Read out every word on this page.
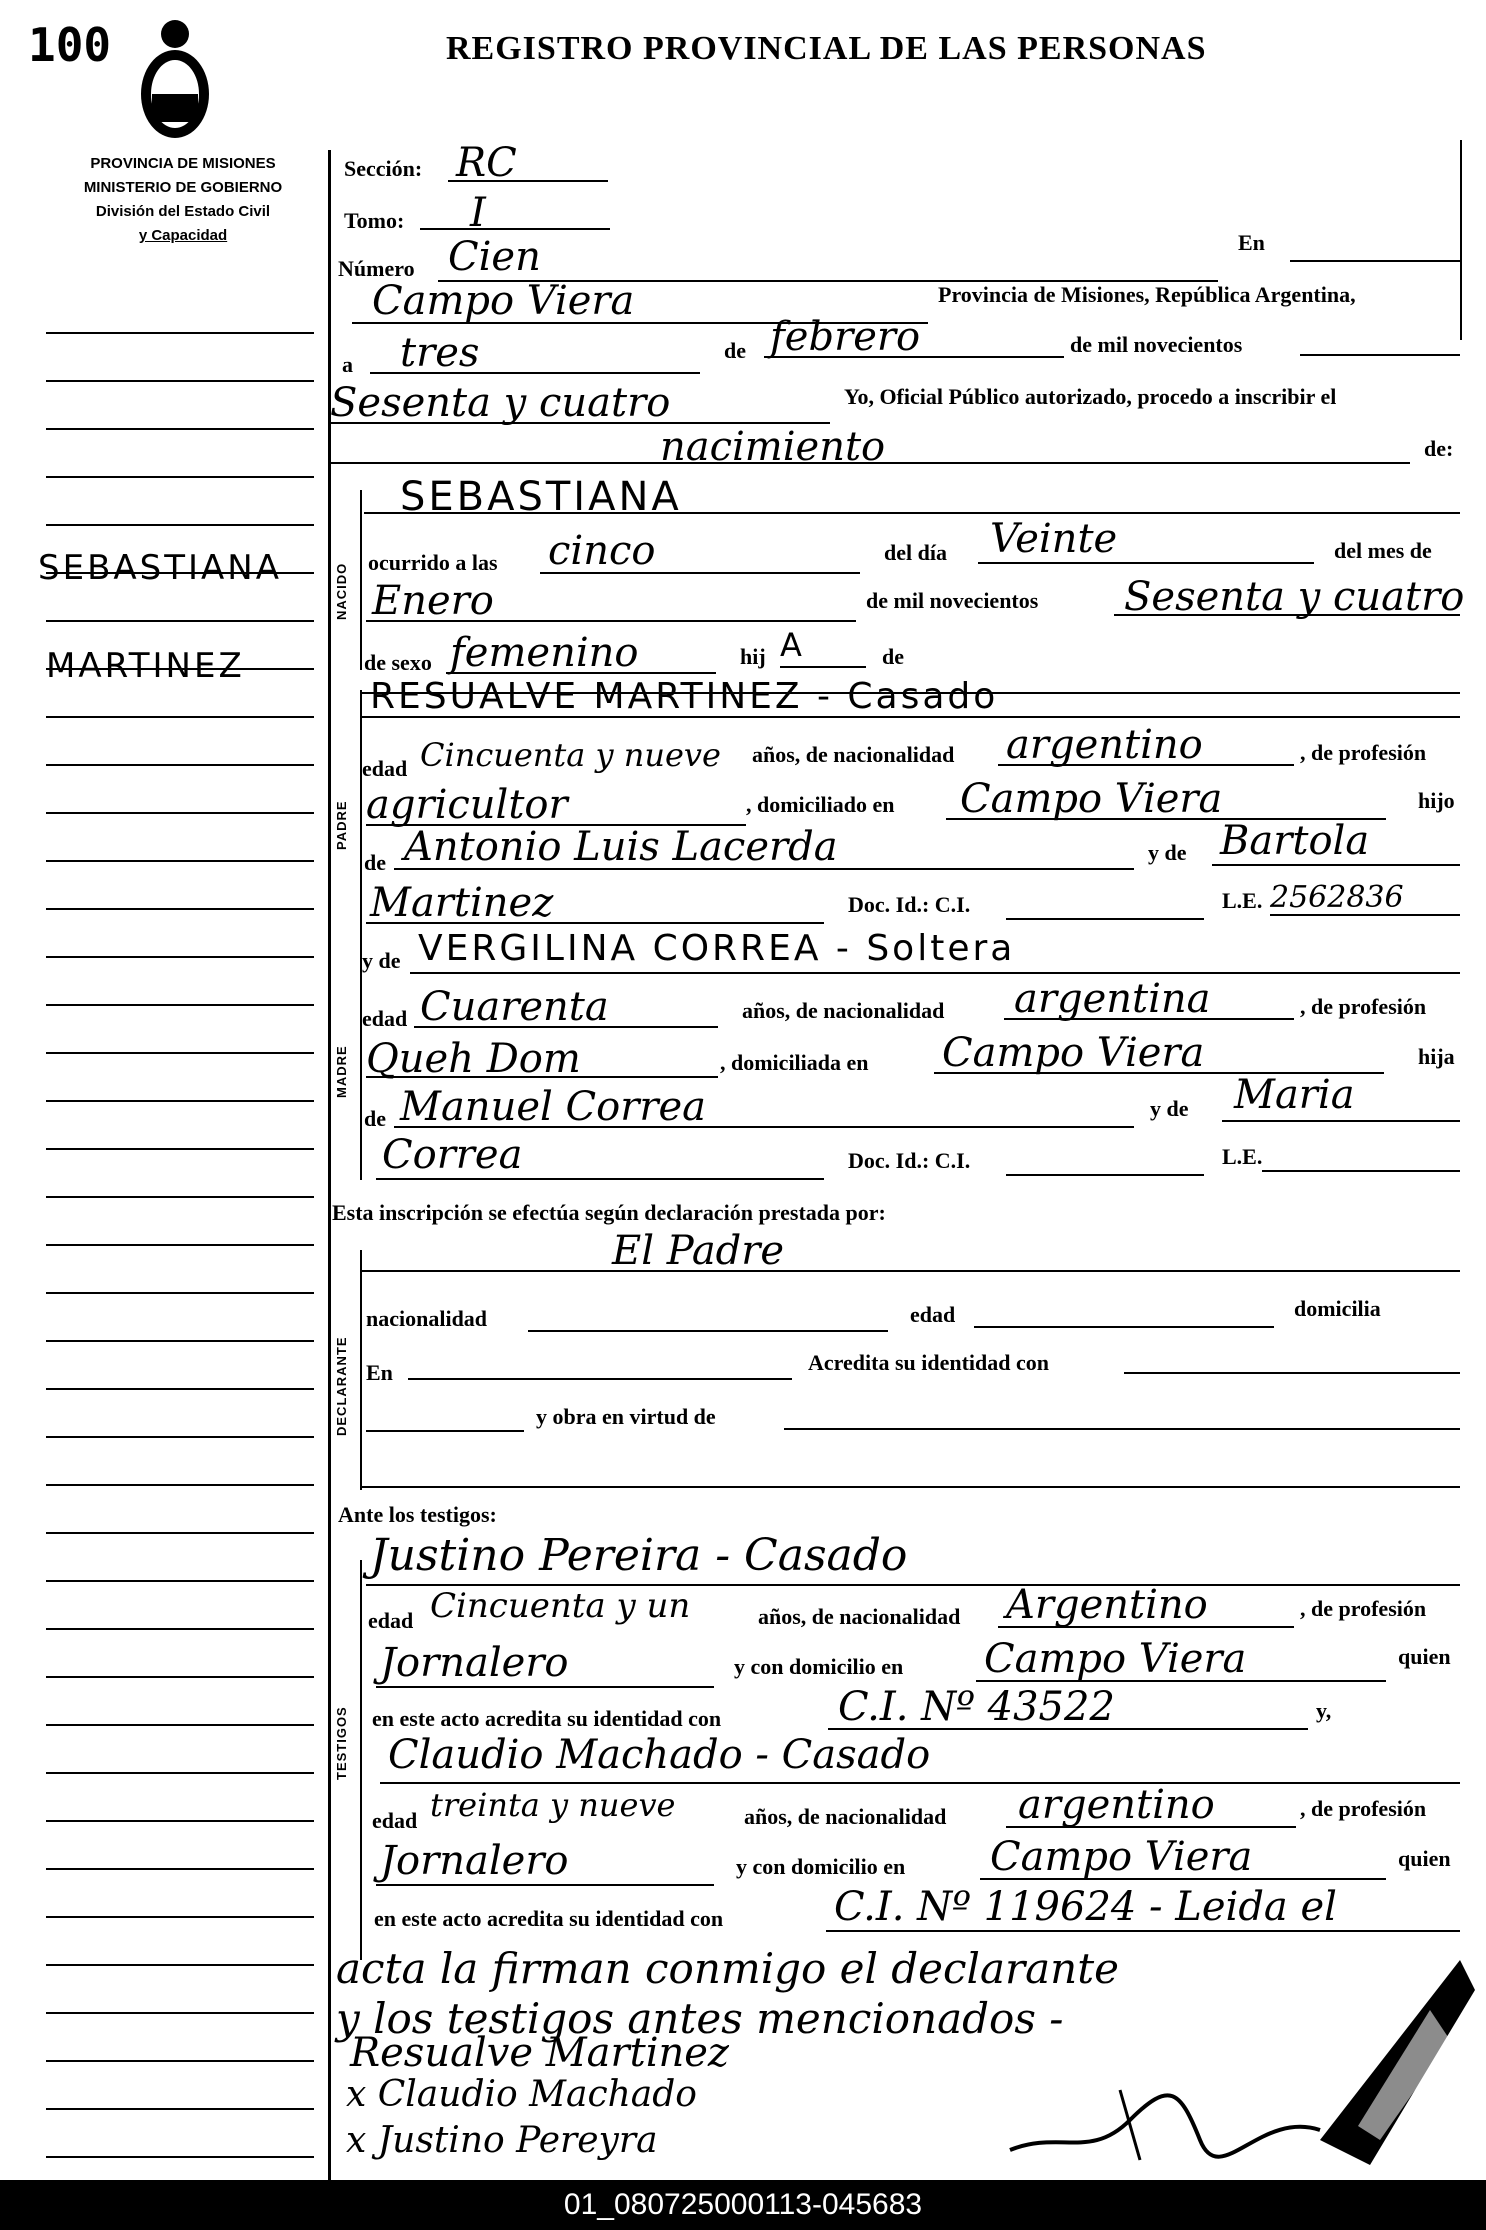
100	REGISTRO PROVINCIAL DE LAS PERSONAS
PROVINCIA DE MISIONES
MINISTERIO DE GOBIERNO
División del Estado Civil
y Capacidad
SEBASTIANA
MARTINEZ
NACIDO
PADRE
MADRE
DECLARANTE
TESTIGOS
Sección: RC
Tomo: I
Número Cien	En
Campo Viera	Provincia de Misiones, República Argentina,
a tres	de febrero	de mil novecientos
Sesenta y cuatro	Yo, Oficial Público autorizado, procedo a inscribir el
nacimiento	de:
SEBASTIANA
ocurrido a las cinco	del día Veinte	del mes de
Enero	de mil novecientos Sesenta y cuatro
de sexo femenino	hij A	de
RESUALVE MARTINEZ - Casado
edad Cincuenta y nueve años, de nacionalidad argentino	, de profesión
agricultor	, domiciliado en Campo Viera	hijo
de Antonio Luis Lacerda	y de Bartola
Martinez	Doc. Id.: C.I.	L.E. 2562836
y de VERGILINA CORREA - Soltera
edad Cuarenta	años, de nacionalidad argentina	, de profesión
Queh Dom	, domiciliada en Campo Viera	hija
de Manuel Correa	y de Maria
Correa	Doc. Id.: C.I.	L.E.
Esta inscripción se efectúa según declaración prestada por:
El Padre
nacionalidad	edad	domicilia
En	Acredita su identidad con
y obra en virtud de
Ante los testigos:
Justino Pereira - Casado
edad Cincuenta y un	años, de nacionalidad Argentino	, de profesión
Jornalero	y con domicilio en Campo Viera	quien
en este acto acredita su identidad con	C.I. Nº 43522	y,
Claudio Machado - Casado
edad treinta y nueve	años, de nacionalidad argentino	, de profesión
Jornalero	y con domicilio en Campo Viera	quien
en este acto acredita su identidad con	C.I. Nº 119624 - Leida el
acta la firman conmigo el declarante
y los testigos antes mencionados -
Resualve Martinez
x Claudio Machado
x Justino Pereyra
01_080725000113-045683
